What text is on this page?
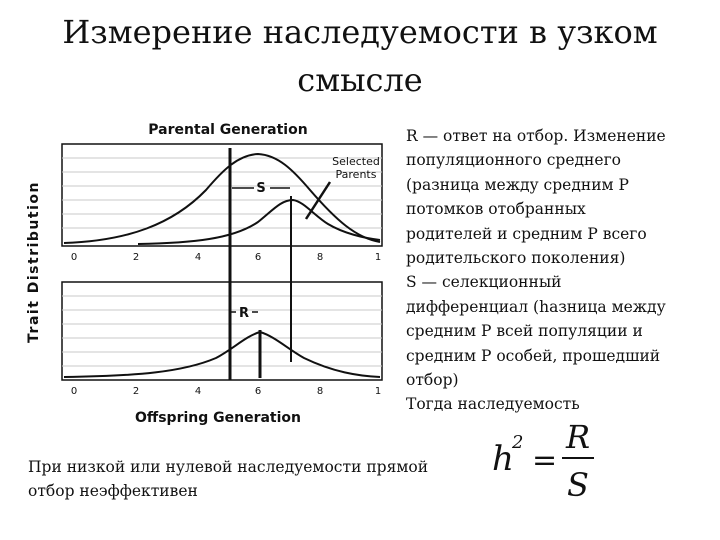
Измерение наследуемости в узком
смысле
Trait Distribution
Parental Generation
S
Selected
Parents
0	2	4	6	8	1
R
0	2	4	6	8	1
Offspring Generation

R — ответ на отбор. Изменение

популяционного среднего

(разница между средним Р

потомков отобранных

родителей и средним Р всего

родительского поколения)

S — селекционный

дифференциал (hазница между

средним Р всей популяции и

средним Р особей, прошедший

отбор)

Тогда наследуемость

При низкой или нулевой наследуемости прямой
отбор неэффективен
h
2
=
R
S
